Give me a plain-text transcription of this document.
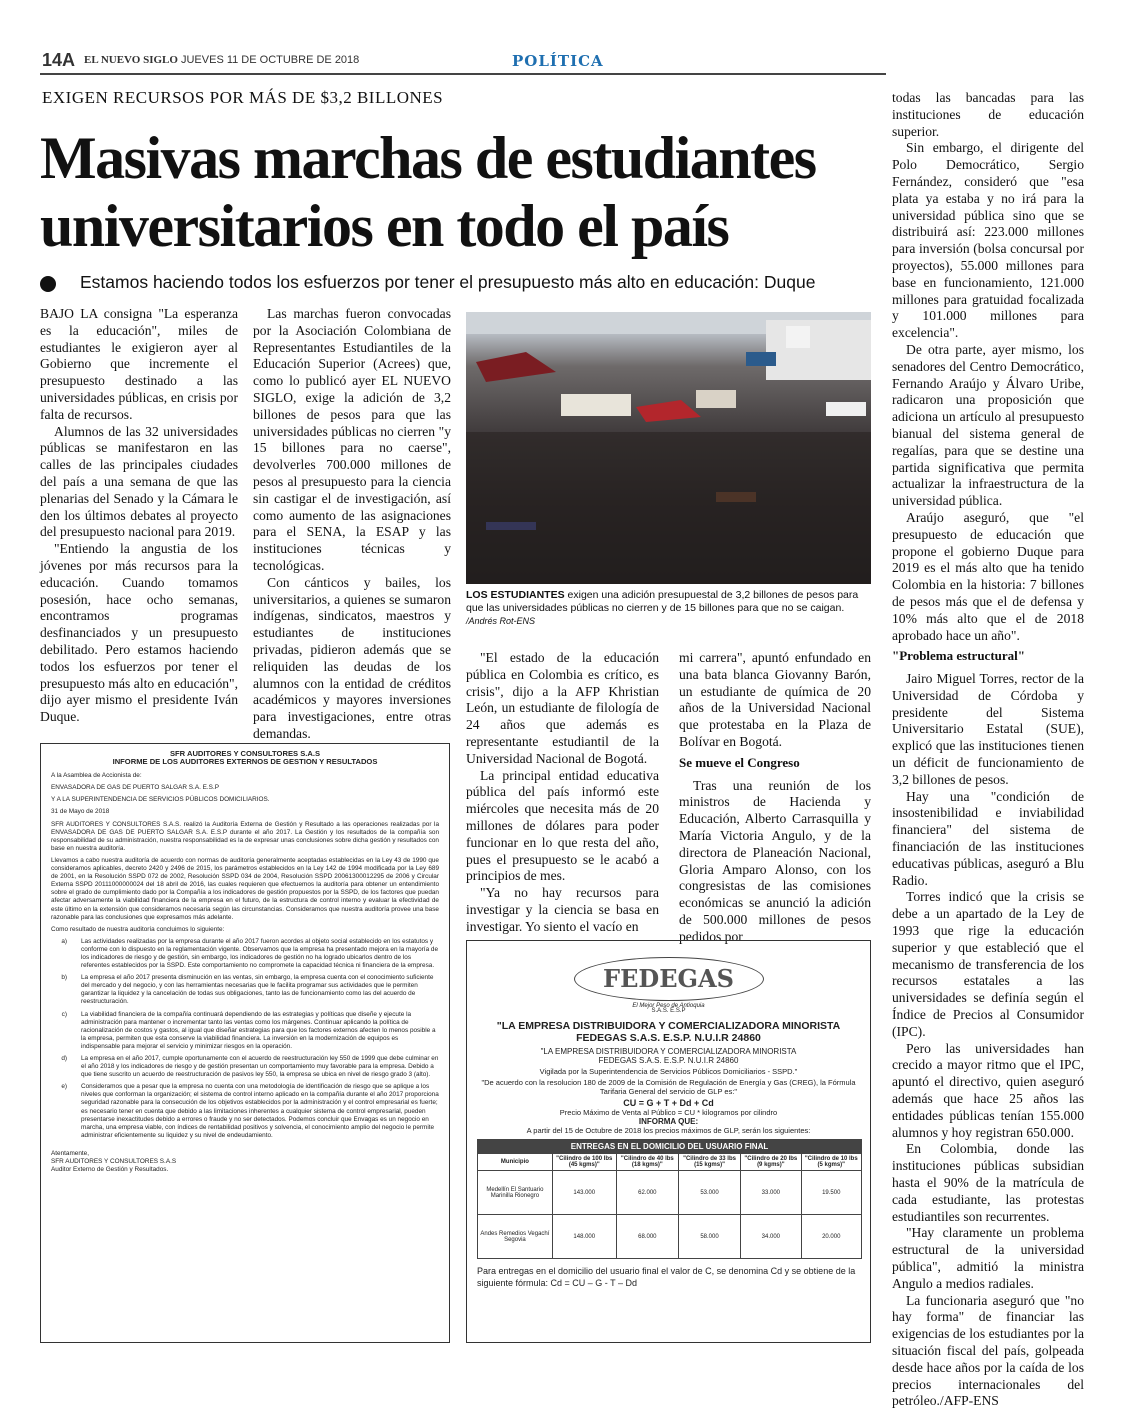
14A EL NUEVO SIGLO JUEVES 11 DE OCTUBRE DE 2018	POLÍTICA
EXIGEN RECURSOS POR MÁS DE $3,2 BILLONES
Masivas marchas de estudiantes
universitarios en todo el país
Estamos haciendo todos los esfuerzos por tener el presupuesto más alto en educación: Duque

BAJO LA consigna "La esperanza es la educación", miles de estudiantes le exigieron ayer al Gobierno que incremente el presupuesto destinado a las universidades públicas, en crisis por falta de recursos.

Alumnos de las 32 universidades públicas se manifestaron en las calles de las principales ciudades del país a una semana de que las plenarias del Senado y la Cámara le den los últimos debates al proyecto del presupuesto nacional para 2019.

"Entiendo la angustia de los jóvenes por más recursos para la educación. Cuando tomamos posesión, hace ocho semanas, encontramos programas desfinanciados y un presupuesto debilitado. Pero estamos haciendo todos los esfuerzos por tener el presupuesto más alto en educación", dijo ayer mismo el presidente Iván Duque.

Las marchas fueron convocadas por la Asociación Colombiana de Representantes Estudiantiles de la Educación Superior (Acrees) que, como lo publicó ayer EL NUEVO SIGLO, exige la adición de 3,2 billones de pesos para que las universidades públicas no cierren "y 15 billones para no caerse", devolverles 700.000 millones de pesos al presupuesto para la ciencia sin castigar el de investigación, así como aumento de las asignaciones para el SENA, la ESAP y las instituciones técnicas y tecnológicas.

Con cánticos y bailes, los universitarios, a quienes se sumaron indígenas, sindicatos, maestros y estudiantes de instituciones privadas, pidieron además que se reliquiden las deudas de los alumnos con la entidad de créditos académicos y mayores inversiones para investigaciones, entre otras demandas.

LOS ESTUDIANTES exigen una adición presupuestal de 3,2 billones de pesos para que las universidades públicas no cierren y de 15 billones para que no se caigan. /Andrés Rot-ENS

"El estado de la educación pública en Colombia es crítico, es crisis", dijo a la AFP Khristian León, un estudiante de filología de 24 años que además es representante estudiantil de la Universidad Nacional de Bogotá.

La principal entidad educativa pública del país informó este miércoles que necesita más de 20 millones de dólares para poder funcionar en lo que resta del año, pues el presupuesto se le acabó a principios de mes.

"Ya no hay recursos para investigar y la ciencia se basa en investigar. Yo siento el vacío en

mi carrera", apuntó enfundado en una bata blanca Giovanny Barón, un estudiante de química de 20 años de la Universidad Nacional que protestaba en la Plaza de Bolívar en Bogotá.

Se mueve el Congreso

Tras una reunión de los ministros de Hacienda y Educación, Alberto Carrasquilla y María Victoria Angulo, y de la directora de Planeación Nacional, Gloria Amparo Alonso, con los congresistas de las comisiones económicas se anunció la adición de 500.000 millones de pesos pedidos por

todas las bancadas para las instituciones de educación superior.

Sin embargo, el dirigente del Polo Democrático, Sergio Fernández, consideró que "esa plata ya estaba y no irá para la universidad pública sino que se distribuirá así: 223.000 millones para inversión (bolsa concursal por proyectos), 55.000 millones para base en funcionamiento, 121.000 millones para gratuidad focalizada y 101.000 millones para excelencia".

De otra parte, ayer mismo, los senadores del Centro Democrático, Fernando Araújo y Álvaro Uribe, radicaron una proposición que adiciona un artículo al presupuesto bianual del sistema general de regalías, para que se destine una partida significativa que permita actualizar la infraestructura de la universidad pública.

Araújo aseguró, que "el presupuesto de educación que propone el gobierno Duque para 2019 es el más alto que ha tenido Colombia en la historia: 7 billones de pesos más que el de defensa y 10% más alto que el de 2018 aprobado hace un año".

"Problema estructural"

Jairo Miguel Torres, rector de la Universidad de Córdoba y presidente del Sistema Universitario Estatal (SUE), explicó que las instituciones tienen un déficit de funcionamiento de 3,2 billones de pesos.

Hay una "condición de insostenibilidad e inviabilidad financiera" del sistema de financiación de las instituciones educativas públicas, aseguró a Blu Radio.

Torres indicó que la crisis se debe a un apartado de la Ley de 1993 que rige la educación superior y que estableció que el mecanismo de transferencia de los recursos estatales a las universidades se definía según el Índice de Precios al Consumidor (IPC).

Pero las universidades han crecido a mayor ritmo que el IPC, apuntó el directivo, quien aseguró además que hace 25 años las entidades públicas tenían 155.000 alumnos y hoy registran 650.000.

En Colombia, donde las instituciones públicas subsidian hasta el 90% de la matrícula de cada estudiante, las protestas estudiantiles son recurrentes.

"Hay claramente un problema estructural de la universidad pública", admitió la ministra Angulo a medios radiales.

La funcionaria aseguró que "no hay forma" de financiar las exigencias de los estudiantes por la situación fiscal del país, golpeada desde hace años por la caída de los precios internacionales del petróleo./AFP-ENS

SFR AUDITORES Y CONSULTORES S.A.S
INFORME DE LOS AUDITORES EXTERNOS DE GESTION Y RESULTADOS

A la Asamblea de Accionista de:

ENVASADORA DE GAS DE PUERTO SALGAR S.A. E.S.P

Y A LA SUPERINTENDENCIA DE SERVICIOS PÚBLICOS DOMICILIARIOS.

31 de Mayo de 2018

SFR AUDITORES Y CONSULTORES S.A.S. realizó la Auditoría Externa de Gestión y Resultado a las operaciones realizadas por la ENVASADORA DE GAS DE PUERTO SALGAR S.A. E.S.P durante el año 2017. La Gestión y los resultados de la compañía son responsabilidad de su administración, nuestra responsabilidad es la de expresar unas conclusiones sobre dicha gestión y resultados con base en nuestra auditoría.

Llevamos a cabo nuestra auditoría de acuerdo con normas de auditoría generalmente aceptadas establecidas en la Ley 43 de 1990 que consideramos aplicables, decreto 2420 y 2496 de 2015, los parámetros establecidos en la Ley 142 de 1994 modificada por la Ley 689 de 2001, en la Resolución SSPD 072 de 2002, Resolución SSPD 034 de 2004, Resolución SSPD 20061300012295 de 2006 y Circular Externa SSPD 20111000000024 del 18 abril de 2016, las cuales requieren que efectuemos la auditoría para obtener un entendimiento sobre el grado de cumplimiento dado por la Compañía a los indicadores de gestión propuestos por la SSPD, de los factores que puedan afectar adversamente la viabilidad financiera de la empresa en el futuro, de la estructura de control interno y evaluar la efectividad de este último en la extensión que consideramos necesaria según las circunstancias. Consideramos que nuestra auditoría provee una base razonable para las conclusiones que expresamos más adelante.

Como resultado de nuestra auditoría concluimos lo siguiente:

a)	Las actividades realizadas por la empresa durante el año 2017 fueron acordes al objeto social establecido en los estatutos y conforme con lo dispuesto en la reglamentación vigente. Observamos que la empresa ha presentado mejora en la mayoría de los indicadores de riesgo y de gestión, sin embargo, los indicadores de gestión no ha logrado ubicarlos dentro de los referentes establecidos por la SSPD. Este comportamiento no compromete la capacidad técnica ni financiera de la empresa.
b)	La empresa el año 2017 presenta disminución en las ventas, sin embargo, la empresa cuenta con el conocimiento suficiente del mercado y del negocio, y con las herramientas necesarias que le facilita programar sus actividades que le permiten garantizar la liquidez y la cancelación de todas sus obligaciones, tanto las de funcionamiento como las del acuerdo de reestructuración.
c)	La viabilidad financiera de la compañía continuará dependiendo de las estrategias y políticas que diseñe y ejecute la administración para mantener o incrementar tanto las ventas como los márgenes. Continuar aplicando la política de racionalización de costos y gastos, al igual que diseñar estrategias para que los factores externos afecten lo menos posible a la empresa, permiten que esta conserve la viabilidad financiera. La inversión en la modernización de equipos es indispensable para mejorar el servicio y minimizar riesgos en la operación.
d)	La empresa en el año 2017, cumple oportunamente con el acuerdo de reestructuración ley 550 de 1999 que debe culminar en el año 2018 y los indicadores de riesgo y de gestión presentan un comportamiento muy favorable para la empresa. Debido a que tiene suscrito un acuerdo de reestructuración de pasivos ley 550, la empresa se ubica en nivel de riesgo grado 3 (alto).
e)	Consideramos que a pesar que la empresa no cuenta con una metodología de identificación de riesgo que se aplique a los niveles que conforman la organización; el sistema de control interno aplicado en la compañía durante el año 2017 proporciona seguridad razonable para la consecución de los objetivos establecidos por la administración y el control empresarial es fuerte; es necesario tener en cuenta que debido a las limitaciones inherentes a cualquier sistema de control empresarial, pueden presentarse inexactitudes debido a errores o fraude y no ser detectados. Podemos concluir que Envagas es un negocio en marcha, una empresa viable, con índices de rentabilidad positivos y solvencia, el conocimiento amplio del negocio le permite administrar eficientemente su liquidez y su nivel de endeudamiento.
Atentamente,
SFR AUDITORES Y CONSULTORES S.A.S
Auditor Externo de Gestión y Resultados.
FEDEGAS
El Mejor Peso de Antioquia
S.A.S. E.S.P
"LA EMPRESA DISTRIBUIDORA Y COMERCIALIZADORA MINORISTA
FEDEGAS S.A.S. E.S.P. N.U.I.R 24860
"LA EMPRESA DISTRIBUIDORA Y COMERCIALIZADORA MINORISTA
FEDEGAS S.A.S. E.S.P. N.U.I.R 24860
Vigilada por la Superintendencia de Servicios Públicos Domiciliarios - SSPD."
"De acuerdo con la resolucion 180 de 2009 de la Comisión de Regulación de Energía y Gas (CREG), la Fórmula Tarifaria General del servicio de GLP es:"
CU = G + T + Dd + Cd
Precio Máximo de Venta al Público = CU * kilogramos por cilindro
INFORMA QUE:
A partir del 15 de Octubre de 2018 los precios máximos de GLP, serán los siguientes:
ENTREGAS EN EL DOMICILIO DEL USUARIO FINAL					
Municipio	"Cilindro de 100 lbs (45 kgms)"	"Cilindro de 40 lbs (18 kgms)"	"Cilindro de 33 lbs (15 kgms)"	"Cilindro de 20 lbs (9 kgms)"	"Cilindro de 10 lbs (5 kgms)"
Medellín El Santuario Marinilla Rionegro	143.000	62.000	53.000	33.000	19.500
Andes Remedios Vegachí Segovia	148.000	68.000	58.000	34.000	20.000
Para entregas en el domicilio del usuario final el valor de C, se denomina Cd y se obtiene de la siguiente fórmula: Cd = CU – G - T – Dd
